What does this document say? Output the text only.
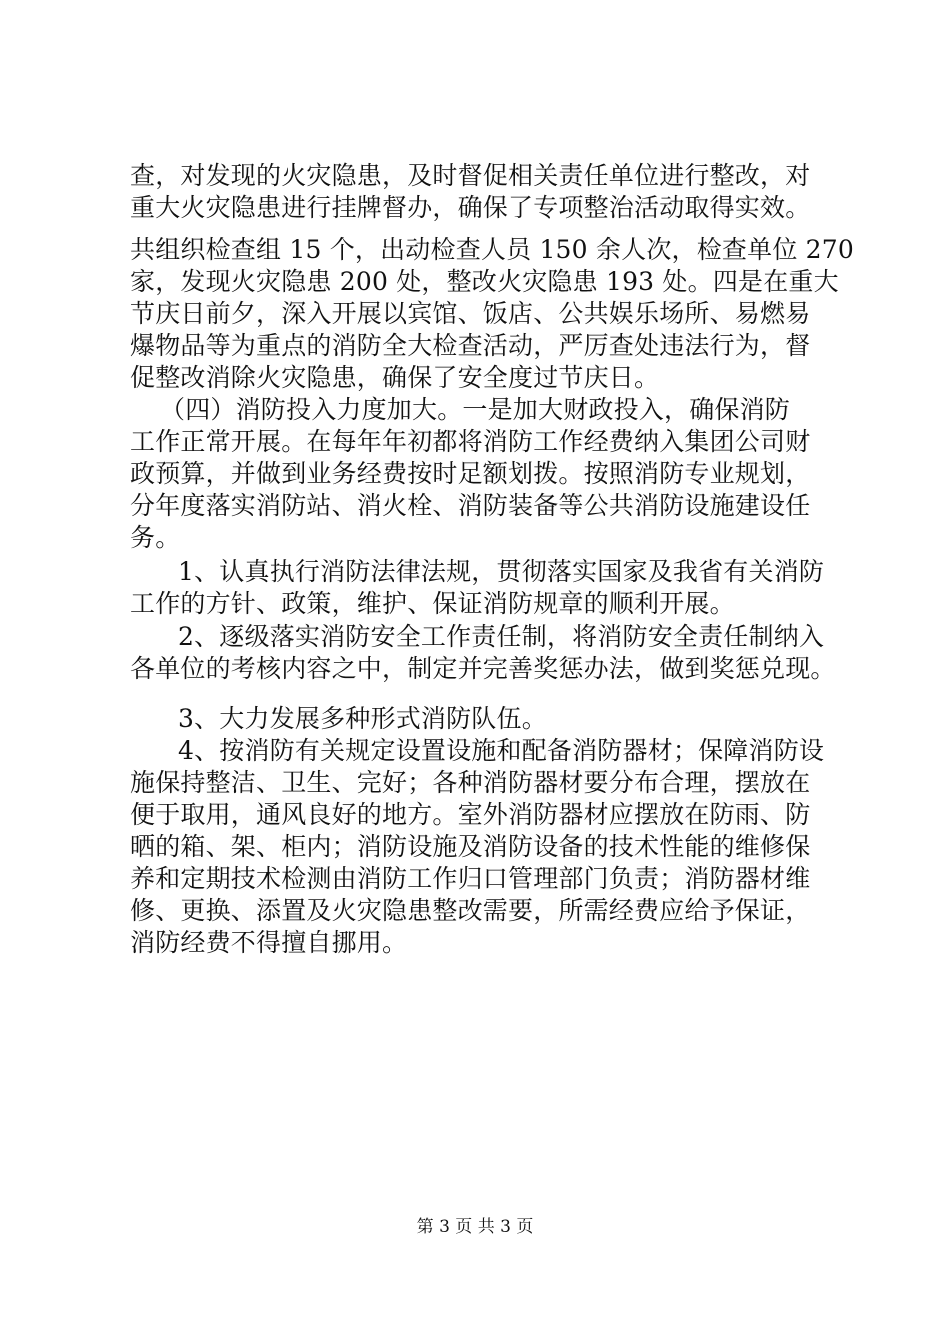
查，对发现的火灾隐患，及时督促相关责任单位进行整改，对
重大火灾隐患进行挂牌督办，确保了专项整治活动取得实效。
共组织检查组 15 个，出动检查人员 150 余人次，检查单位 270
家，发现火灾隐患 200 处，整改火灾隐患 193 处。四是在重大
节庆日前夕，深入开展以宾馆、饭店、公共娱乐场所、易燃易
爆物品等为重点的消防全大检查活动，严厉查处违法行为，督
促整改消除火灾隐患，确保了安全度过节庆日。
（四）消防投入力度加大。一是加大财政投入，确保消防
工作正常开展。在每年年初都将消防工作经费纳入集团公司财
政预算，并做到业务经费按时足额划拨。按照消防专业规划，
分年度落实消防站、消火栓、消防装备等公共消防设施建设任
务。
1、认真执行消防法律法规，贯彻落实国家及我省有关消防
工作的方针、政策，维护、保证消防规章的顺利开展。
2、逐级落实消防安全工作责任制，将消防安全责任制纳入
各单位的考核内容之中，制定并完善奖惩办法，做到奖惩兑现。
3、大力发展多种形式消防队伍。
4、按消防有关规定设置设施和配备消防器材；保障消防设
施保持整洁、卫生、完好；各种消防器材要分布合理，摆放在
便于取用，通风良好的地方。室外消防器材应摆放在防雨、防
晒的箱、架、柜内；消防设施及消防设备的技术性能的维修保
养和定期技术检测由消防工作归口管理部门负责；消防器材维
修、更换、添置及火灾隐患整改需要，所需经费应给予保证，
消防经费不得擅自挪用。
第 3 页 共 3 页
